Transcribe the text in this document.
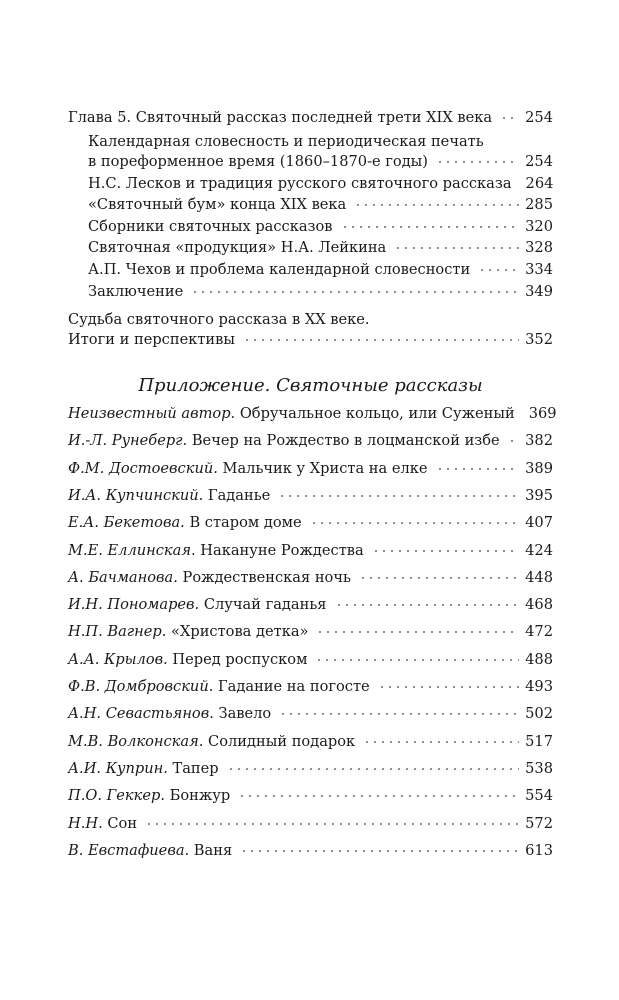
Глава 5. Святочный рассказ последней трети XIX века 254
Календарная словесность и периодическая печать
в пореформенное время (1860–1870-е годы)	254
Н.С. Лесков и традиция русского святочного рассказа 264
«Святочный бум» конца XIX века	285
Сборники святочных рассказов	320
Святочная «продукция» Н.А. Лейкина	328
А.П. Чехов и проблема календарной словесности	334
Заключение	349
Судьба святочного рассказа в XX веке.
Итоги и перспективы	352
Приложение. Святочные рассказы
Неизвестный автор. Обручальное кольцо, или Суженый 369
И.-Л. Рунеберг. Вечер на Рождество в лоцманской избе 382
Ф.М. Достоевский. Мальчик у Христа на елке	389
И.А. Купчинский. Гаданье	395
Е.А. Бекетова. В старом доме	407
М.Е. Еллинская. Накануне Рождества	424
А. Бачманова. Рождественская ночь	448
И.Н. Пономарев. Случай гаданья	468
Н.П. Вагнер. «Христова детка»	472
А.А. Крылов. Перед роспуском	488
Ф.В. Домбровский. Гадание на погосте	493
А.Н. Севастьянов. Завело	502
М.В. Волконская. Солидный подарок	517
А.И. Куприн. Тапер	538
П.О. Геккер. Бонжур	554
Н.Н. Сон	572
В. Евстафиева. Ваня	613
